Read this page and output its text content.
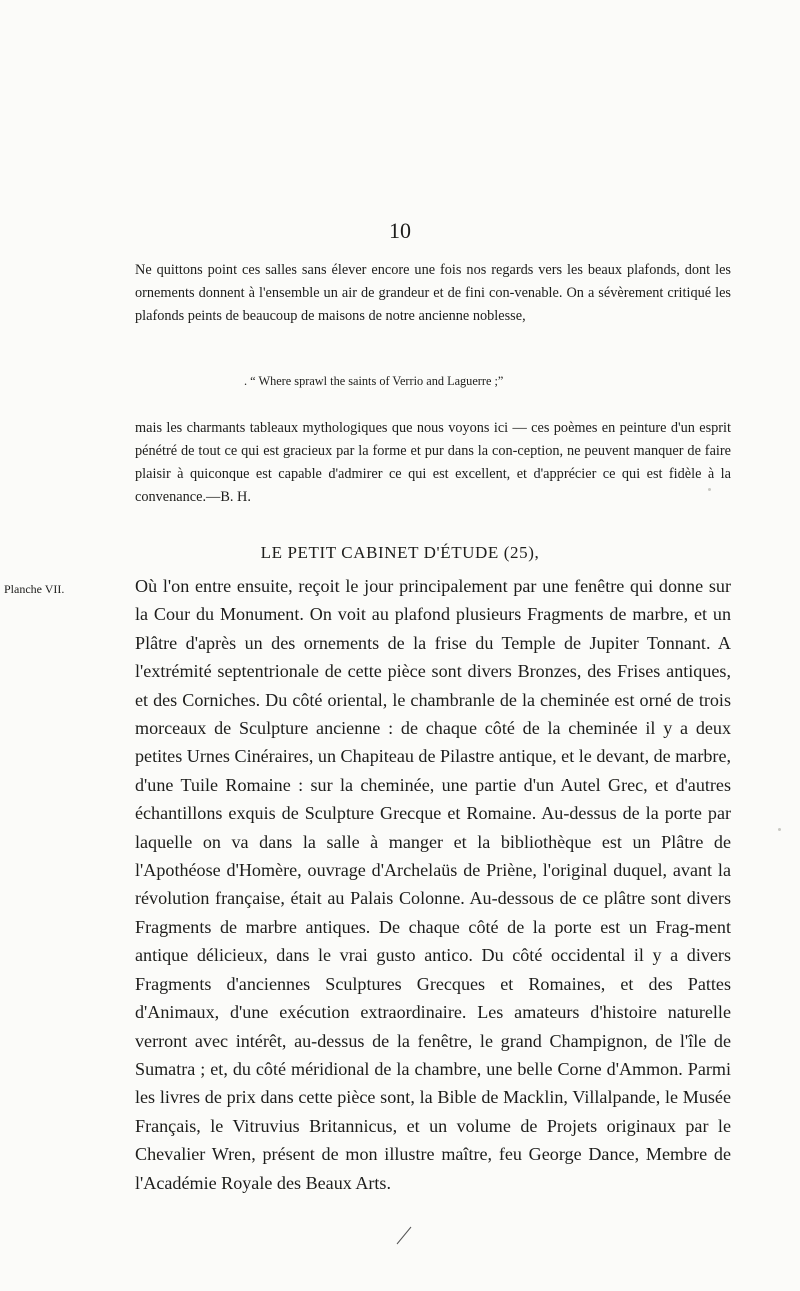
10

Ne quittons point ces salles sans élever encore une fois nos regards vers les beaux plafonds, dont les ornements donnent à l'ensemble un air de grandeur et de fini con-venable. On a sévèrement critiqué les plafonds peints de beaucoup de maisons de notre ancienne noblesse,

. “ Where sprawl the saints of Verrio and Laguerre ;”

mais les charmants tableaux mythologiques que nous voyons ici — ces poèmes en peinture d'un esprit pénétré de tout ce qui est gracieux par la forme et pur dans la con-ception, ne peuvent manquer de faire plaisir à quiconque est capable d'admirer ce qui est excellent, et d'apprécier ce qui est fidèle à la convenance.—B. H.

LE PETIT CABINET D'ÉTUDE (25),
Planche VII.	Où l'on entre ensuite, reçoit le jour principalement par une fenêtre qui donne sur la Cour du Monument. On voit au plafond plusieurs Fragments de marbre, et un Plâtre d'après un des ornements de la frise du Temple de Jupiter Tonnant. A l'extrémité septentrionale de cette pièce sont divers Bronzes, des Frises antiques, et des Corniches. Du côté oriental, le chambranle de la cheminée est orné de trois morceaux de Sculpture ancienne : de chaque côté de la cheminée il y a deux petites Urnes Cinéraires, un Chapiteau de Pilastre antique, et le devant, de marbre, d'une Tuile Romaine : sur la cheminée, une partie d'un Autel Grec, et d'autres échantillons exquis de Sculpture Grecque et Romaine. Au-dessus de la porte par laquelle on va dans la salle à manger et la bibliothèque est un Plâtre de l'Apothéose d'Homère, ouvrage d'Archelaüs de Priène, l'original duquel, avant la révolution française, était au Palais Colonne. Au-dessous de ce plâtre sont divers Fragments de marbre antiques. De chaque côté de la porte est un Frag-ment antique délicieux, dans le vrai gusto antico. Du côté occidental il y a divers Fragments d'anciennes Sculptures Grecques et Romaines, et des Pattes d'Animaux, d'une exécution extraordinaire. Les amateurs d'histoire naturelle verront avec intérêt, au-dessus de la fenêtre, le grand Champignon, de l'île de Sumatra ; et, du côté méridional de la chambre, une belle Corne d'Ammon. Parmi les livres de prix dans cette pièce sont, la Bible de Macklin, Villalpande, le Musée Français, le Vitruvius Britannicus, et un volume de Projets originaux par le Chevalier Wren, présent de mon illustre maître, feu George Dance, Membre de l'Académie Royale des Beaux Arts.
